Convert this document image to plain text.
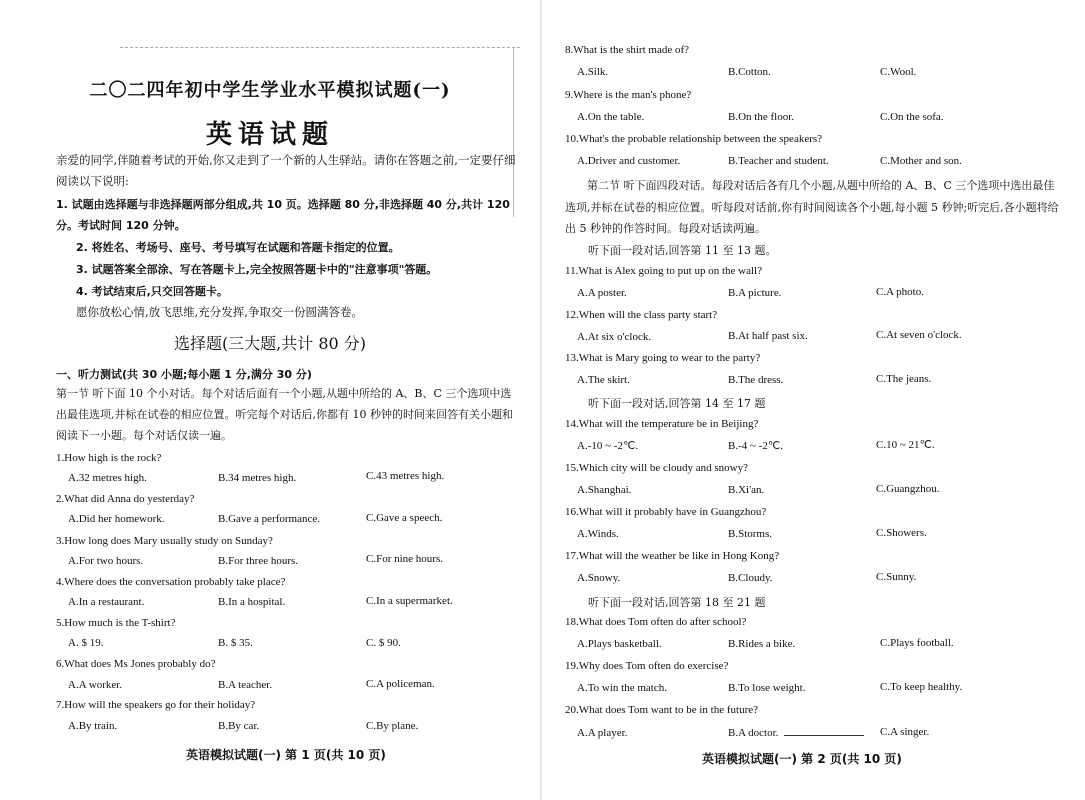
二〇二四年初中学生学业水平模拟试题(一)
英语试题

亲爱的同学,伴随着考试的开始,你又走到了一个新的人生驿站。请你在答题之前,一定要仔细阅读以下说明:

1. 试题由选择题与非选择题两部分组成,共 10 页。选择题 80 分,非选择题 40 分,共计 120 分。考试时间 120 分钟。

2. 将姓名、考场号、座号、考号填写在试题和答题卡指定的位置。

3. 试题答案全部涂、写在答题卡上,完全按照答题卡中的"注意事项"答题。

4. 考试结束后,只交回答题卡。

愿你放松心情,放飞思维,充分发挥,争取交一份圆满答卷。

选择题(三大题,共计 80 分)
一、听力测试(共 30 小题;每小题 1 分,满分 30 分)

第一节 听下面 10 个小对话。每个对话后面有一个小题,从题中所给的 A、B、C 三个选项中选出最佳选项,并标在试卷的相应位置。听完每个对话后,你都有 10 秒钟的时间来回答有关小题和阅读下一小题。每个对话仅读一遍。

1.How high is the rock?
A.32 metres high.	B.34 metres high.	C.43 metres high.
2.What did Anna do yesterday?
A.Did her homework.	B.Gave a performance.	C.Gave a speech.
3.How long does Mary usually study on Sunday?
A.For two hours.	B.For three hours.	C.For nine hours.
4.Where does the conversation probably take place?
A.In a restaurant.	B.In a hospital.	C.In a supermarket.
5.How much is the T-shirt?
A. $ 19.	B. $ 35.	C. $ 90.
6.What does Ms Jones probably do?
A.A worker.	B.A teacher.	C.A policeman.
7.How will the speakers go for their holiday?
A.By train.	B.By car.	C.By plane.
英语模拟试题(一) 第 1 页(共 10 页)
8.What is the shirt made of?
A.Silk.	B.Cotton.	C.Wool.
9.Where is the man's phone?
A.On the table.	B.On the floor.	C.On the sofa.
10.What's the probable relationship between the speakers?
A.Driver and customer.	B.Teacher and student.	C.Mother and son.

第二节 听下面四段对话。每段对话后各有几个小题,从题中所给的 A、B、C 三个选项中选出最佳选项,并标在试卷的相应位置。听每段对话前,你有时间阅读各个小题,每小题 5 秒钟;听完后,各小题将给出 5 秒钟的作答时间。每段对话读两遍。

听下面一段对话,回答第 11 至 13 题。
11.What is Alex going to put up on the wall?
A.A poster.	B.A picture.	C.A photo.
12.When will the class party start?
A.At six o'clock.	B.At half past six.	C.At seven o'clock.
13.What is Mary going to wear to the party?
A.The skirt.	B.The dress.	C.The jeans.
听下面一段对话,回答第 14 至 17 题
14.What will the temperature be in Beijing?
A.-10 ~ -2℃.	B.-4 ~ -2℃.	C.10 ~ 21℃.
15.Which city will be cloudy and snowy?
A.Shanghai.	B.Xi'an.	C.Guangzhou.
16.What will it probably have in Guangzhou?
A.Winds.	B.Storms.	C.Showers.
17.What will the weather be like in Hong Kong?
A.Snowy.	B.Cloudy.	C.Sunny.
听下面一段对话,回答第 18 至 21 题
18.What does Tom often do after school?
A.Plays basketball.	B.Rides a bike.	C.Plays football.
19.Why does Tom often do exercise?
A.To win the match.	B.To lose weight.	C.To keep healthy.
20.What does Tom want to be in the future?
A.A player.	B.A doctor.	C.A singer.
英语模拟试题(一) 第 2 页(共 10 页)
